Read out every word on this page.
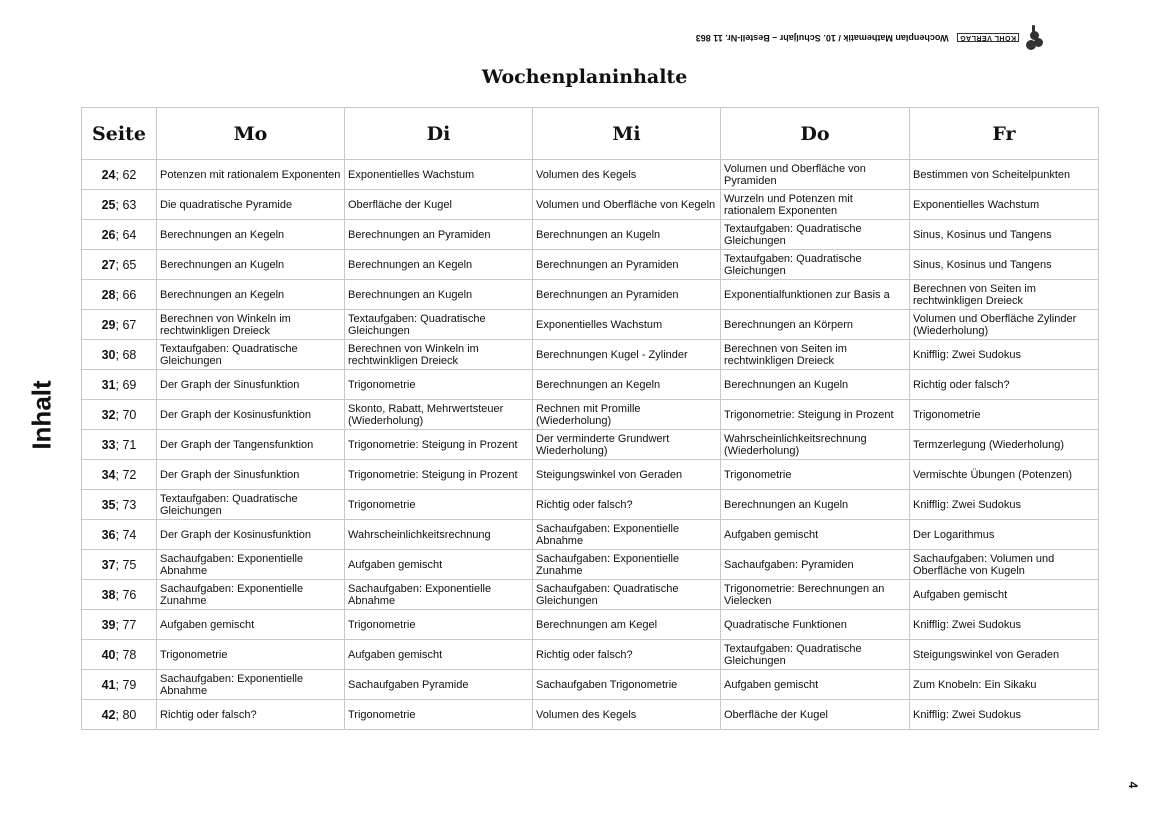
KOHL VERLAG
Wochenplan Mathematik / 10. Schuljahr – Bestell-Nr. 11 863
Wochenplaninhalte
Inhalt
4
Seite	Mo	Di	Mi	Do	Fr
24; 62	Potenzen mit rationalem Exponenten	Exponentielles Wachstum	Volumen des Kegels	Volumen und Oberfläche von Pyramiden	Bestimmen von Scheitelpunkten
25; 63	Die quadratische Pyramide	Oberfläche der Kugel	Volumen und Oberfläche von Kegeln	Wurzeln und Potenzen mit rationalem Exponenten	Exponentielles Wachstum
26; 64	Berechnungen an Kegeln	Berechnungen an Pyramiden	Berechnungen an Kugeln	Textaufgaben: Quadratische Gleichungen	Sinus, Kosinus und Tangens
27; 65	Berechnungen an Kugeln	Berechnungen an Kegeln	Berechnungen an Pyramiden	Textaufgaben: Quadratische Gleichungen	Sinus, Kosinus und Tangens
28; 66	Berechnungen an Kegeln	Berechnungen an Kugeln	Berechnungen an Pyramiden	Exponentialfunktionen zur Basis a	Berechnen von Seiten im rechtwinkligen Dreieck
29; 67	Berechnen von Winkeln im rechtwinkligen Dreieck	Textaufgaben: Quadratische Gleichungen	Exponentielles Wachstum	Berechnungen an Körpern	Volumen und Oberfläche Zylinder (Wiederholung)
30; 68	Textaufgaben: Quadratische Gleichungen	Berechnen von Winkeln im rechtwinkligen Dreieck	Berechnungen Kugel - Zylinder	Berechnen von Seiten im rechtwinkligen Dreieck	Knifflig: Zwei Sudokus
31; 69	Der Graph der Sinusfunktion	Trigonometrie	Berechnungen an Kegeln	Berechnungen an Kugeln	Richtig oder falsch?
32; 70	Der Graph der Kosinusfunktion	Skonto, Rabatt, Mehrwertsteuer (Wiederholung)	Rechnen mit Promille (Wiederholung)	Trigonometrie: Steigung in Prozent	Trigonometrie
33; 71	Der Graph der Tangensfunktion	Trigonometrie: Steigung in Prozent	Der verminderte Grundwert Wiederholung)	Wahrscheinlichkeitsrechnung (Wiederholung)	Termzerlegung (Wiederholung)
34; 72	Der Graph der Sinusfunktion	Trigonometrie: Steigung in Prozent	Steigungswinkel von Geraden	Trigonometrie	Vermischte Übungen (Potenzen)
35; 73	Textaufgaben: Quadratische Gleichungen	Trigonometrie	Richtig oder falsch?	Berechnungen an Kugeln	Knifflig: Zwei Sudokus
36; 74	Der Graph der Kosinusfunktion	Wahrscheinlichkeitsrechnung	Sachaufgaben: Exponentielle Abnahme	Aufgaben gemischt	Der Logarithmus
37; 75	Sachaufgaben: Exponentielle Abnahme	Aufgaben gemischt	Sachaufgaben: Exponentielle Zunahme	Sachaufgaben: Pyramiden	Sachaufgaben: Volumen und Oberfläche von Kugeln
38; 76	Sachaufgaben: Exponentielle Zunahme	Sachaufgaben: Exponentielle Abnahme	Sachaufgaben: Quadratische Gleichungen	Trigonometrie: Berechnungen an Vielecken	Aufgaben gemischt
39; 77	Aufgaben gemischt	Trigonometrie	Berechnungen am Kegel	Quadratische Funktionen	Knifflig: Zwei Sudokus
40; 78	Trigonometrie	Aufgaben gemischt	Richtig oder falsch?	Textaufgaben: Quadratische Gleichungen	Steigungswinkel von Geraden
41; 79	Sachaufgaben: Exponentielle Abnahme	Sachaufgaben Pyramide	Sachaufgaben Trigonometrie	Aufgaben gemischt	Zum Knobeln: Ein Sikaku
42; 80	Richtig oder falsch?	Trigonometrie	Volumen des Kegels	Oberfläche der Kugel	Knifflig: Zwei Sudokus
